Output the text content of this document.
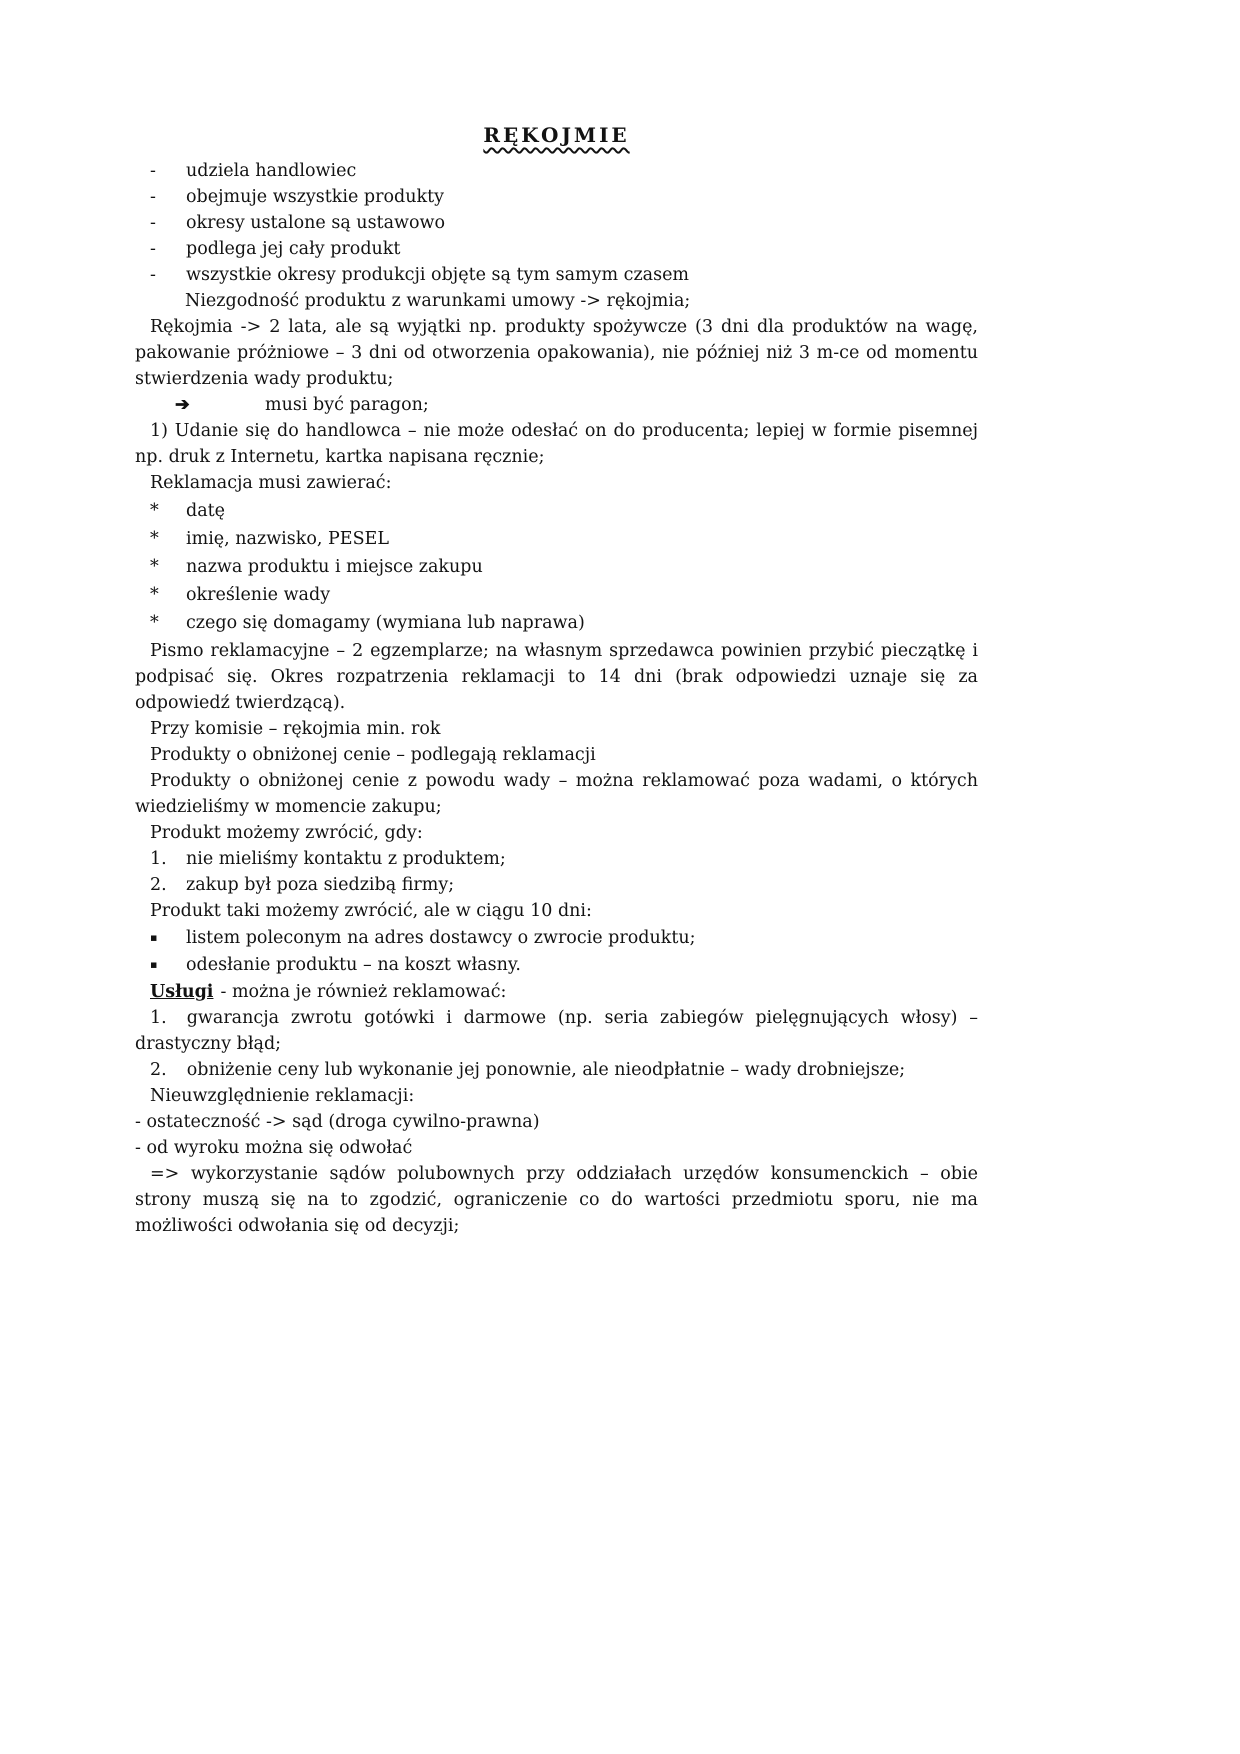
RĘKOJMIE
-	udziela handlowiec
-	obejmuje wszystkie produkty
-	okresy ustalone są ustawowo
-	podlega jej cały produkt
-	wszystkie okresy produkcji objęte są tym samym czasem

Niezgodność produktu z warunkami umowy -> rękojmia;

Rękojmia -> 2 lata, ale są wyjątki np. produkty spożywcze (3 dni dla produktów na wagę, pakowanie próżniowe – 3 dni od otworzenia opakowania), nie później niż 3 m-ce od momentu stwierdzenia wady produktu;

➔	musi być paragon;

1) Udanie się do handlowca – nie może odesłać on do producenta; lepiej w formie pisemnej np. druk z Internetu, kartka napisana ręcznie;

Reklamacja musi zawierać:

*	datę
*	imię, nazwisko, PESEL
*	nazwa produktu i miejsce zakupu
*	określenie wady
*	czego się domagamy (wymiana lub naprawa)

Pismo reklamacyjne – 2 egzemplarze; na własnym sprzedawca powinien przybić pieczątkę i podpisać się. Okres rozpatrzenia reklamacji to 14 dni (brak odpowiedzi uznaje się za odpowiedź twierdzącą).

Przy komisie – rękojmia min. rok

Produkty o obniżonej cenie – podlegają reklamacji

Produkty o obniżonej cenie z powodu wady – można reklamować poza wadami, o których wiedzieliśmy w momencie zakupu;

Produkt możemy zwrócić, gdy:

1.	nie mieliśmy kontaktu z produktem;
2.	zakup był poza siedzibą firmy;

Produkt taki możemy zwrócić, ale w ciągu 10 dni:

▪	listem poleconym na adres dostawcy o zwrocie produktu;
▪	odesłanie produktu – na koszt własny.

Usługi - można je również reklamować:

1. gwarancja zwrotu gotówki i darmowe (np. seria zabiegów pielęgnujących włosy) – drastyczny błąd;

2. obniżenie ceny lub wykonanie jej ponownie, ale nieodpłatnie – wady drobniejsze;

Nieuwzględnienie reklamacji:

- ostateczność -> sąd (droga cywilno-prawna)

- od wyroku można się odwołać

=> wykorzystanie sądów polubownych przy oddziałach urzędów konsumenckich – obie strony muszą się na to zgodzić, ograniczenie co do wartości przedmiotu sporu, nie ma możliwości odwołania się od decyzji;
